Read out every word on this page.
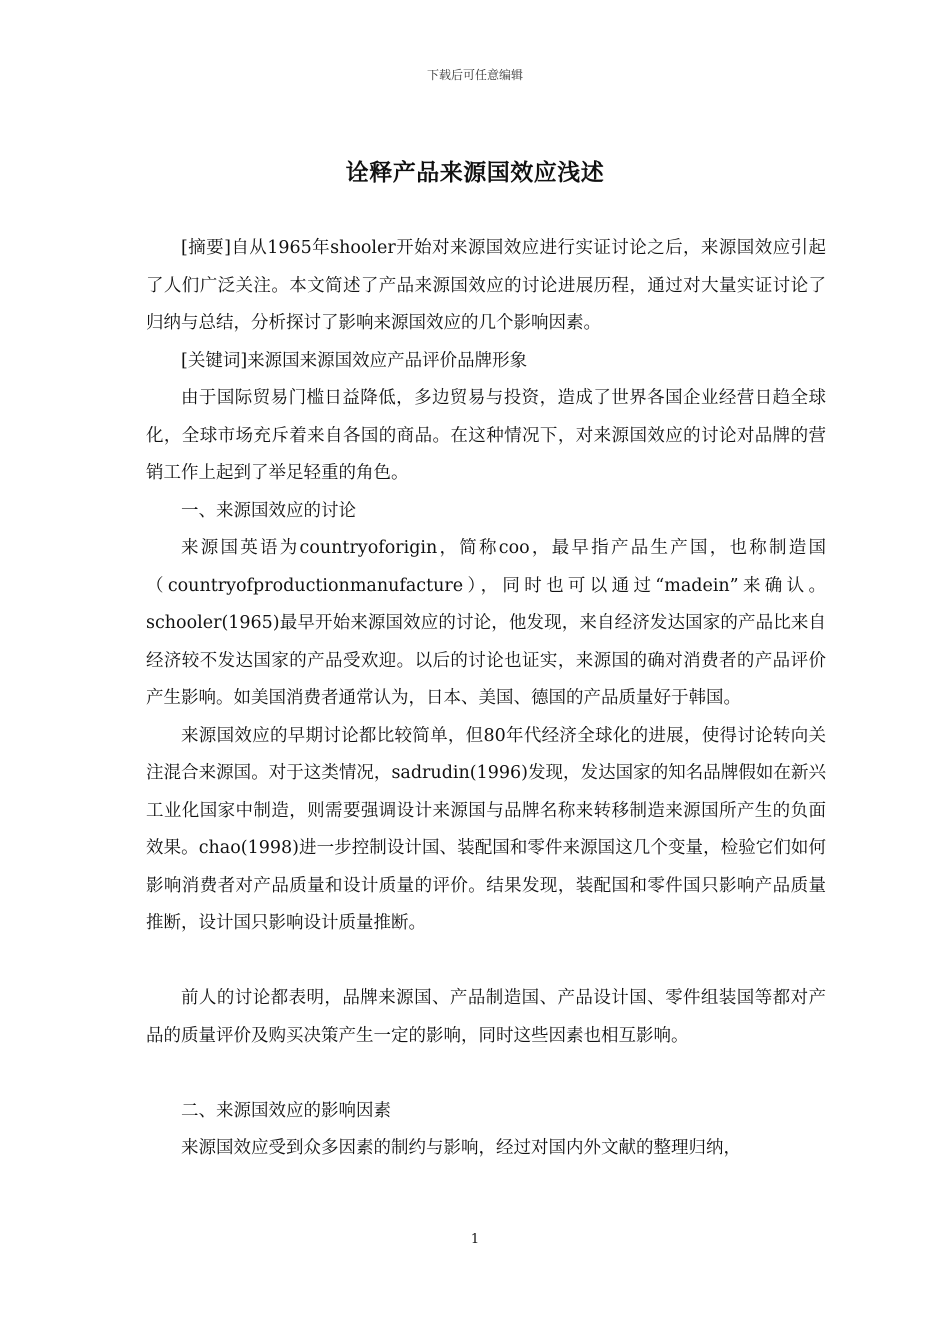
下载后可任意编辑
诠释产品来源国效应浅述

[摘要]自从1965年shooler开始对来源国效应进行实证讨论之后，来源国效应引起了人们广泛关注。本文简述了产品来源国效应的讨论进展历程，通过对大量实证讨论了归纳与总结，分析探讨了影响来源国效应的几个影响因素。

[关键词]来源国来源国效应产品评价品牌形象

由于国际贸易门槛日益降低，多边贸易与投资，造成了世界各国企业经营日趋全球化，全球市场充斥着来自各国的商品。在这种情况下，对来源国效应的讨论对品牌的营销工作上起到了举足轻重的角色。

一、来源国效应的讨论

来源国英语为countryoforigin，简称coo，最早指产品生产国，也称制造国（countryofproductionmanufacture），同时也可以通过“madein”来确认。schooler(1965)最早开始来源国效应的讨论，他发现，来自经济发达国家的产品比来自经济较不发达国家的产品受欢迎。以后的讨论也证实，来源国的确对消费者的产品评价产生影响。如美国消费者通常认为，日本、美国、德国的产品质量好于韩国。

来源国效应的早期讨论都比较简单，但80年代经济全球化的进展，使得讨论转向关注混合来源国。对于这类情况，sadrudin(1996)发现，发达国家的知名品牌假如在新兴工业化国家中制造，则需要强调设计来源国与品牌名称来转移制造来源国所产生的负面效果。chao(1998)进一步控制设计国、装配国和零件来源国这几个变量，检验它们如何影响消费者对产品质量和设计质量的评价。结果发现，装配国和零件国只影响产品质量推断，设计国只影响设计质量推断。

前人的讨论都表明，品牌来源国、产品制造国、产品设计国、零件组装国等都对产品的质量评价及购买决策产生一定的影响，同时这些因素也相互影响。

二、来源国效应的影响因素

来源国效应受到众多因素的制约与影响，经过对国内外文献的整理归纳，

1
